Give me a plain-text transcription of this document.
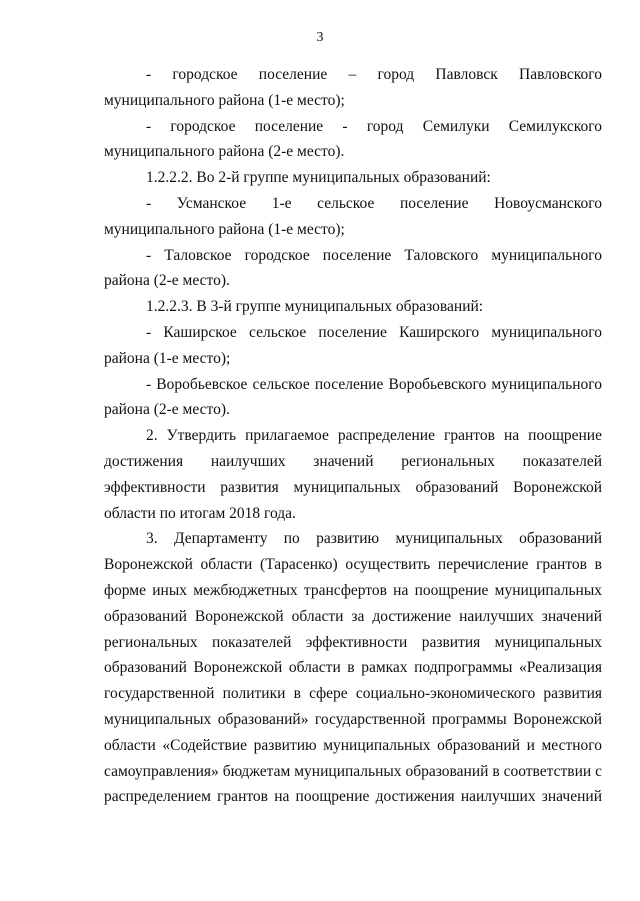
3

- городское поселение – город Павловск Павловского муниципального района (1-е место);

- городское поселение - город Семилуки Семилукского муниципального района (2-е место).

1.2.2.2. Во 2-й группе муниципальных образований:

- Усманское 1-е сельское поселение Новоусманского муниципального района (1-е место);

- Таловское городское поселение Таловского муниципального района (2-е место).

1.2.2.3. В 3-й группе муниципальных образований:

- Каширское сельское поселение Каширского муниципального района (1-е место);

- Воробьевское сельское поселение Воробьевского муниципального района (2-е место).

2. Утвердить прилагаемое распределение грантов на поощрение достижения наилучших значений региональных показателей эффективности развития муниципальных образований Воронежской области по итогам 2018 года.

3. Департаменту по развитию муниципальных образований Воронежской области (Тарасенко) осуществить перечисление грантов в форме иных межбюджетных трансфертов на поощрение муниципальных образований Воронежской области за достижение наилучших значений региональных показателей эффективности развития муниципальных образований Воронежской области в рамках подпрограммы «Реализация государственной политики в сфере социально-экономического развития муниципальных образований» государственной программы Воронежской области «Содействие развитию муниципальных образований и местного самоуправления» бюджетам муниципальных образований в соответствии с распределением грантов на поощрение достижения наилучших значений
